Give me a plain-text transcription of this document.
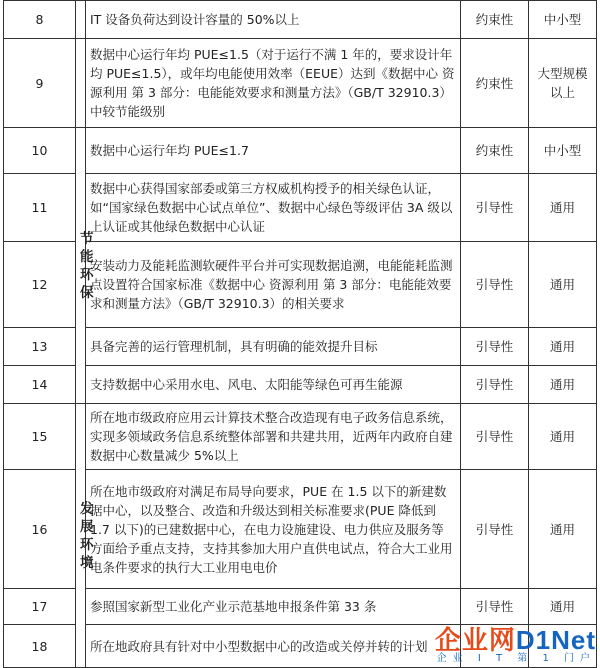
8		IT 设备负荷达到设计容量的 50%以上	约束性	中小型
9		数据中心运行年均 PUE≤1.5（对于运行不满 1 年的，要求设计年均 PUE≤1.5），或年均电能使用效率（EEUE）达到《数据中心 资源利用 第 3 部分：电能能效要求和测量方法》（GB/T 32910.3）中较节能级别	约束性	大型规模以上
10	节能环保	数据中心运行年均 PUE≤1.7	约束性	中小型
11		数据中心获得国家部委或第三方权威机构授予的相关绿色认证，如“国家绿色数据中心试点单位”、数据中心绿色等级评估 3A 级以上认证或其他绿色数据中心认证	引导性	通用
12		安装动力及能耗监测软硬件平台并可实现数据追溯，电能能耗监测点设置符合国家标准《数据中心 资源利用 第 3 部分：电能能效要求和测量方法》（GB/T 32910.3）的相关要求	引导性	通用
13		具备完善的运行管理机制，具有明确的能效提升目标	引导性	通用
14		支持数据中心采用水电、风电、太阳能等绿色可再生能源	引导性	通用
15	发展环境	所在地市级政府应用云计算技术整合改造现有电子政务信息系统，实现多领域政务信息系统整体部署和共建共用，近两年内政府自建数据中心数量减少 5%以上	引导性	通用
16		所在地市级政府对满足布局导向要求，PUE 在 1.5 以下的新建数据中心，以及整合、改造和升级达到相关标准要求(PUE 降低到 1.7 以下)的已建数据中心，在电力设施建设、电力供应及服务等方面给予重点支持，支持其参加大用户直供电试点，符合大工业用电条件要求的执行大工业用电电价	引导性	通用
17		参照国家新型工业化产业示范基地申报条件第 33 条	引导性	通用
18		所在地政府具有针对中小型数据中心的改造或关停并转的计划		企业网D1Net
企业 I T 第 1 门户
